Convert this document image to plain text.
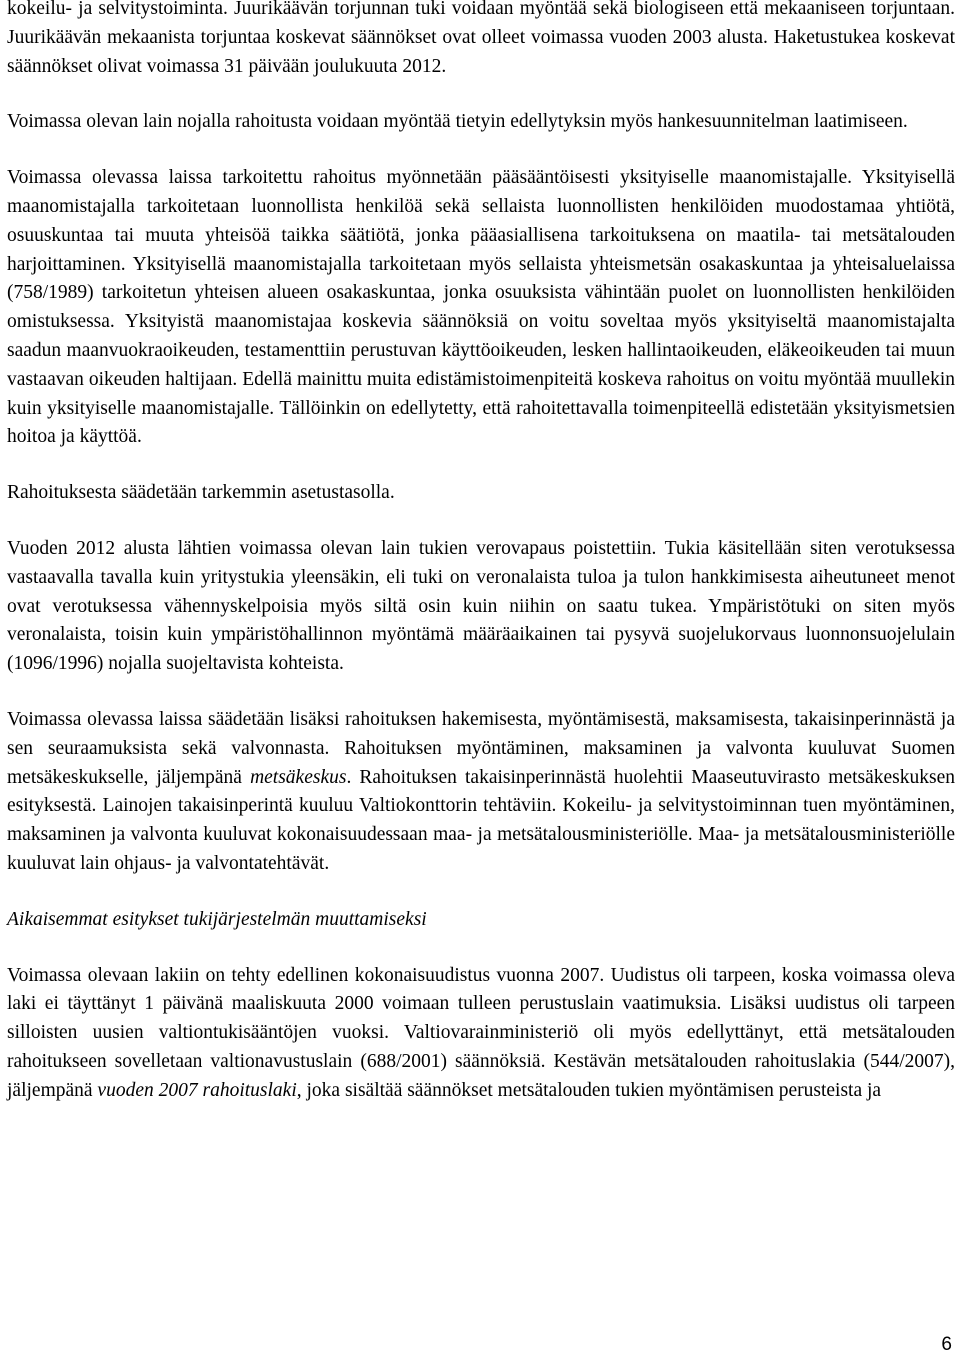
kokeilu- ja selvitystoiminta. Juurikäävän torjunnan tuki voidaan myöntää sekä biologiseen että mekaaniseen torjuntaan. Juurikäävän mekaanista torjuntaa koskevat säännökset ovat olleet voimassa vuoden 2003 alusta. Haketustukea koskevat säännökset olivat voimassa 31 päivään joulukuuta 2012.

Voimassa olevan lain nojalla rahoitusta voidaan myöntää tietyin edellytyksin myös hankesuunnitelman laatimiseen.

Voimassa olevassa laissa tarkoitettu rahoitus myönnetään pääsääntöisesti yksityiselle maanomistajalle. Yksityisellä maanomistajalla tarkoitetaan luonnollista henkilöä sekä sellaista luonnollisten henkilöiden muodostamaa yhtiötä, osuuskuntaa tai muuta yhteisöä taikka säätiötä, jonka pääasiallisena tarkoituksena on maatila- tai metsätalouden harjoittaminen. Yksityisellä maanomistajalla tarkoitetaan myös sellaista yhteismetsän osakaskuntaa ja yhteisaluelaissa (758/1989) tarkoitetun yhteisen alueen osakaskuntaa, jonka osuuksista vähintään puolet on luonnollisten henkilöiden omistuksessa. Yksityistä maanomistajaa koskevia säännöksiä on voitu soveltaa myös yksityiseltä maanomistajalta saadun maanvuokraoikeuden, testamenttiin perustuvan käyttöoikeuden, lesken hallintaoikeuden, eläkeoikeuden tai muun vastaavan oikeuden haltijaan. Edellä mainittu muita edistämistoimenpiteitä koskeva rahoitus on voitu myöntää muullekin kuin yksityiselle maanomistajalle. Tällöinkin on edellytetty, että rahoitettavalla toimenpiteellä edistetään yksityismetsien hoitoa ja käyttöä.

Rahoituksesta säädetään tarkemmin asetustasolla.

Vuoden 2012 alusta lähtien voimassa olevan lain tukien verovapaus poistettiin. Tukia käsitellään siten verotuksessa vastaavalla tavalla kuin yritystukia yleensäkin, eli tuki on veronalaista tuloa ja tulon hankkimisesta aiheutuneet menot ovat verotuksessa vähennyskelpoisia myös siltä osin kuin niihin on saatu tukea. Ympäristötuki on siten myös veronalaista, toisin kuin ympäristöhallinnon myöntämä määräaikainen tai pysyvä suojelukorvaus luonnonsuojelulain (1096/1996) nojalla suojeltavista kohteista.

Voimassa olevassa laissa säädetään lisäksi rahoituksen hakemisesta, myöntämisestä, maksamisesta, takaisinperinnästä ja sen seuraamuksista sekä valvonnasta. Rahoituksen myöntäminen, maksaminen ja valvonta kuuluvat Suomen metsäkeskukselle, jäljempänä metsäkeskus. Rahoituksen takaisinperinnästä huolehtii Maaseutuvirasto metsäkeskuksen esityksestä. Lainojen takaisinperintä kuuluu Valtiokonttorin tehtäviin. Kokeilu- ja selvitystoiminnan tuen myöntäminen, maksaminen ja valvonta kuuluvat kokonaisuudessaan maa- ja metsätalousministeriölle. Maa- ja metsätalousministeriölle kuuluvat lain ohjaus- ja valvontatehtävät.

Aikaisemmat esitykset tukijärjestelmän muuttamiseksi

Voimassa olevaan lakiin on tehty edellinen kokonaisuudistus vuonna 2007. Uudistus oli tarpeen, koska voimassa oleva laki ei täyttänyt 1 päivänä maaliskuuta 2000 voimaan tulleen perustuslain vaatimuksia. Lisäksi uudistus oli tarpeen silloisten uusien valtiontukisääntöjen vuoksi. Valtiovarainministeriö oli myös edellyttänyt, että metsätalouden rahoitukseen sovelletaan valtionavustuslain (688/2001) säännöksiä. Kestävän metsätalouden rahoituslakia (544/2007), jäljempänä vuoden 2007 rahoituslaki, joka sisältää säännökset metsätalouden tukien myöntämisen perusteista ja

6
